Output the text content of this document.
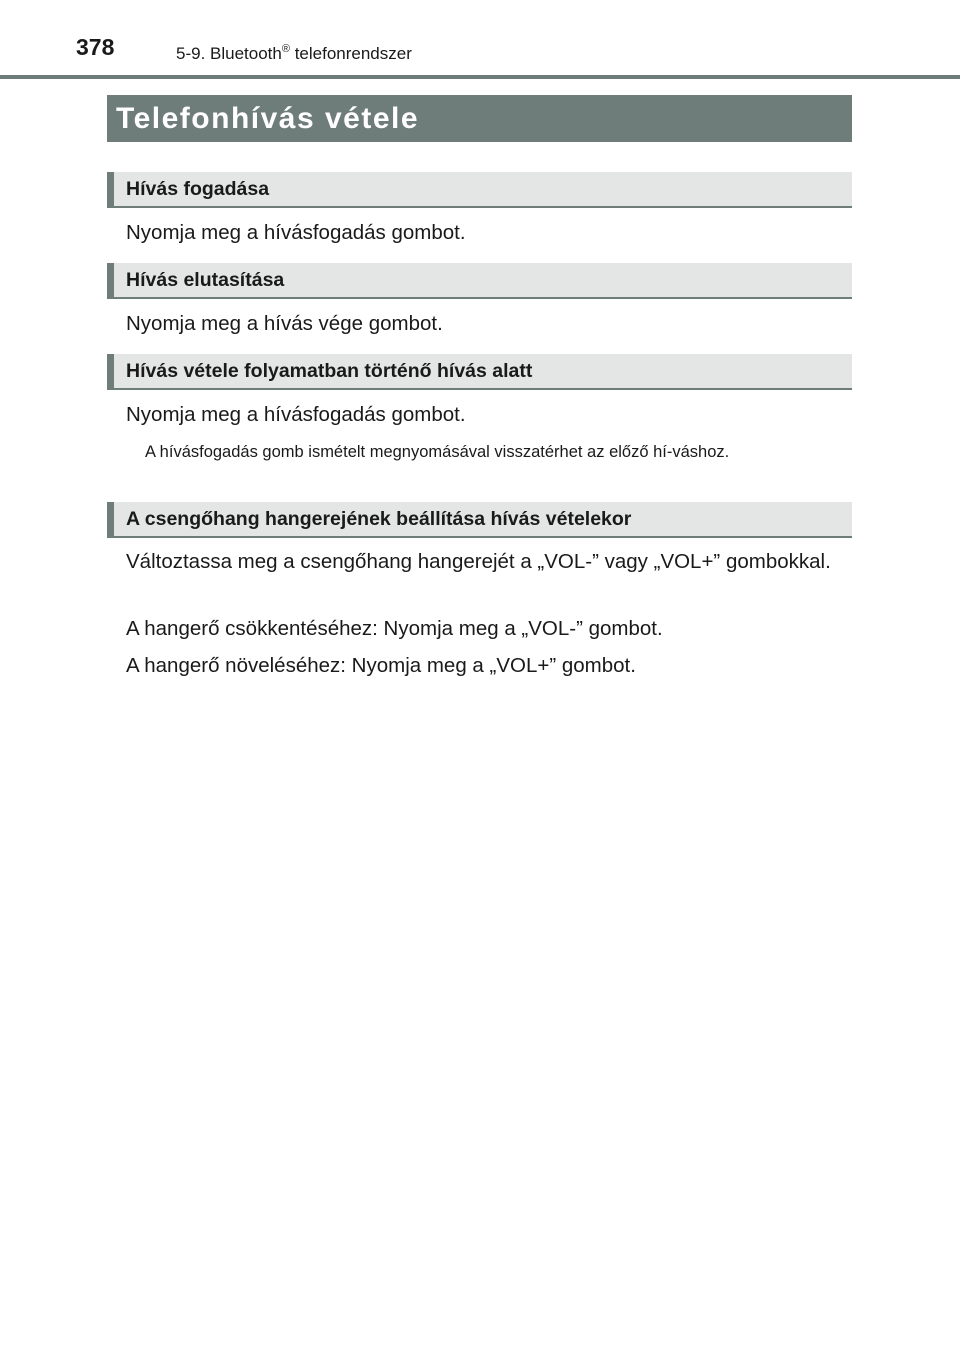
378	5-9. Bluetooth® telefonrendszer
Telefonhívás vétele
Hívás fogadása
Nyomja meg a hívásfogadás gombot.
Hívás elutasítása
Nyomja meg a hívás vége gombot.
Hívás vétele folyamatban történő hívás alatt
Nyomja meg a hívásfogadás gombot.
A hívásfogadás gomb ismételt megnyomásával visszatérhet az előző hí-váshoz.
A csengőhang hangerejének beállítása hívás vételekor
Változtassa meg a csengőhang hangerejét a „VOL-” vagy „VOL+” gombokkal.
A hangerő csökkentéséhez: Nyomja meg a „VOL-” gombot.
A hangerő növeléséhez: Nyomja meg a „VOL+” gombot.
